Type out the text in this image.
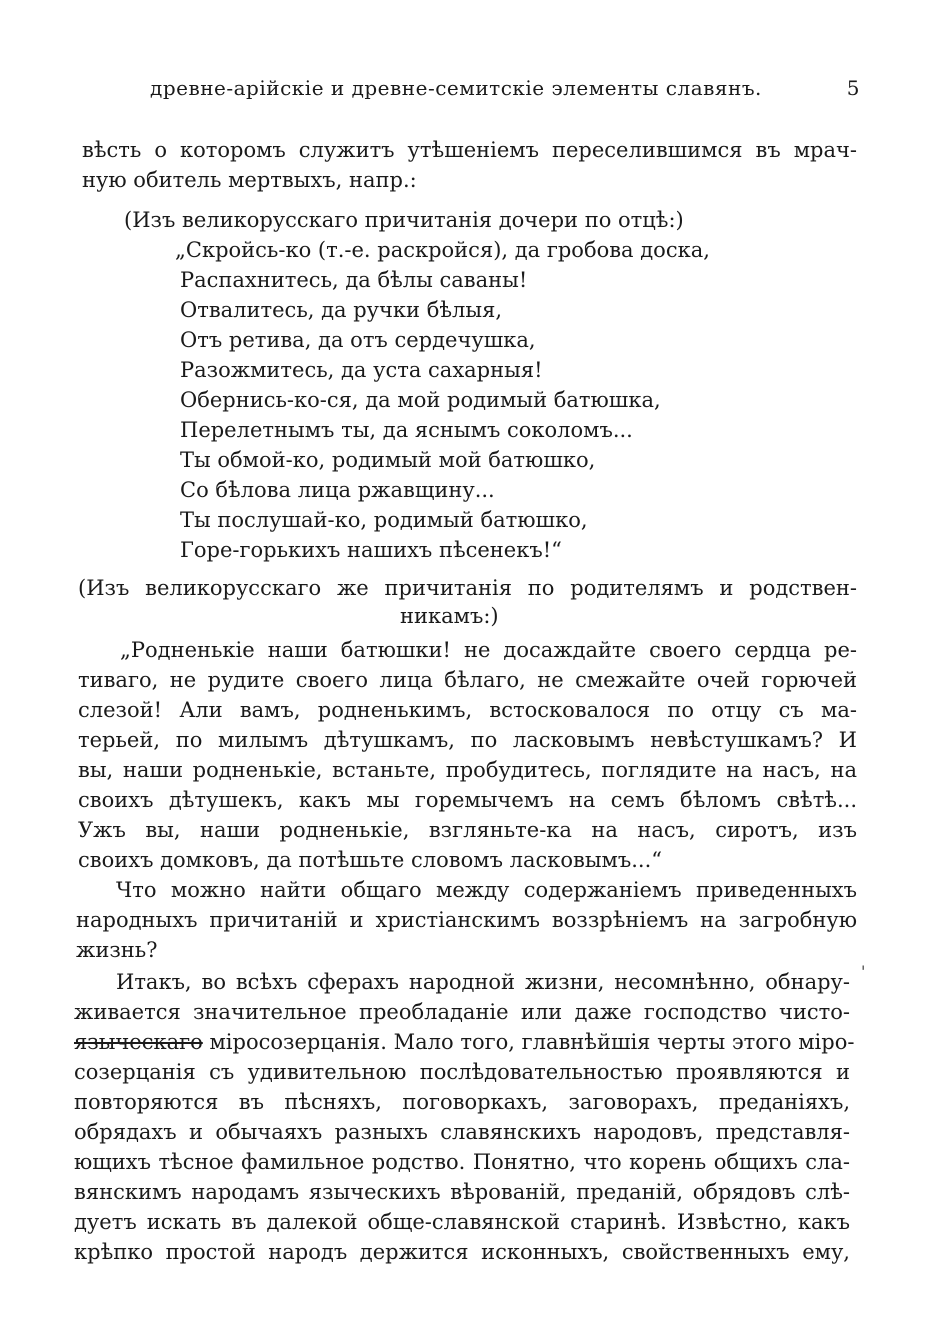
древне-арійскіе и древне-семитскіе элементы славянъ.	5
вѣсть о которомъ служитъ утѣшеніемъ переселившимся въ мрач-
ную обитель мертвыхъ, напр.:
(Изъ великорусскаго причитанія дочери по отцѣ:)
„Скройсь-ко (т.-е. раскройся), да гробова доска,
Распахнитесь, да бѣлы саваны!
Отвалитесь, да ручки бѣлыя,
Отъ ретива, да отъ сердечушка,
Разожмитесь, да уста сахарныя!
Обернись-ко-ся, да мой родимый батюшка,
Перелетнымъ ты, да яснымъ соколомъ...
Ты обмой-ко, родимый мой батюшко,
Со бѣлова лица ржавщину...
Ты послушай-ко, родимый батюшко,
Горе-горькихъ нашихъ пѣсенекъ!“
(Изъ великорусскаго же причитанія по родителямъ и родствен-
никамъ:)
„Родненькіе наши батюшки! не досаждайте своего сердца ре-
тиваго, не рудите своего лица бѣлаго, не смежайте очей горючей
слезой! Али вамъ, родненькимъ, встосковалося по отцу съ ма-
терьей, по милымъ дѣтушкамъ, по ласковымъ невѣстушкамъ? И
вы, наши родненькіе, встаньте, пробудитесь, поглядите на насъ, на
своихъ дѣтушекъ, какъ мы горемычемъ на семъ бѣломъ свѣтѣ...
Ужъ вы, наши родненькіе, взгляньте-ка на насъ, сиротъ, изъ
своихъ домковъ, да потѣшьте словомъ ласковымъ...“
Что можно найти общаго между содержаніемъ приведенныхъ
народныхъ причитаній и христіанскимъ воззрѣніемъ на загробную
жизнь?
Итакъ, во всѣхъ сферахъ народной жизни, несомнѣнно, обнару-
живается значительное преобладаніе или даже господство чисто-
языческаго міросозерцанія. Мало того, главнѣйшія черты этого міро-
созерцанія съ удивительною послѣдовательностью проявляются и
повторяются въ пѣсняхъ, поговоркахъ, заговорахъ, преданіяхъ,
обрядахъ и обычаяхъ разныхъ славянскихъ народовъ, представля-
ющихъ тѣсное фамильное родство. Понятно, что корень общихъ сла-
вянскимъ народамъ языческихъ вѣрованій, преданій, обрядовъ слѣ-
дуетъ искать въ далекой обще-славянской старинѣ. Извѣстно, какъ
крѣпко простой народъ держится исконныхъ, свойственныхъ ему,
'
